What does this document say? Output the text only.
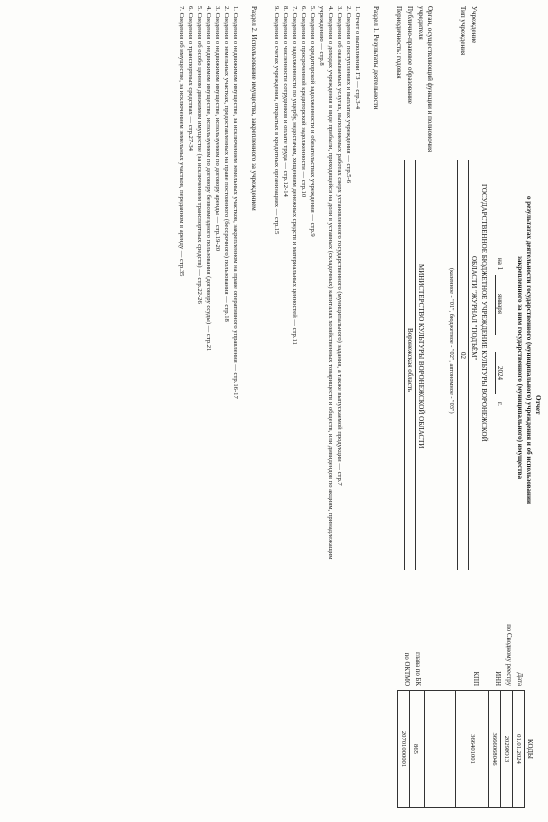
Отчет
о результатах деятельности государственного (муниципального) учреждения и об использовании
закрепленного за ним государственного (муниципального) имущества
на 1
января
2024
г.
КОДЫ
01.01.2024
2029Ю13
3666068046
366401001
865
20701000001
Дата
по Сводному реестру
ИНН
КПП
глава по БК
по ОКТМО
Учреждение
ГОСУДАРСТВЕННОЕ БЮДЖЕТНОЕ УЧРЕЖДЕНИЕ КУЛЬТУРЫ ВОРОНЕЖСКОЙ
ОБЛАСТИ "ЖУРНАЛ "ПОДЪЁМ"
Тип учреждения
02
(казенное - "01", бюджетное - "02", автономное - "03")
Орган, осуществляющий функции и полномочия
учредителя
МИНИСТЕРСТВО КУЛЬТУРЫ ВОРОНЕЖСКОЙ ОБЛАСТИ
Публично-правовое образование
Воронежская область
Периодичность: годовая
Раздел 1. Результаты деятельности
1. Отчет о выполнении ГЗ — стр.3-4
2. Сведения о поступлениях и выплатах учреждения — стр.5-6
3. Сведения об оказываемых услугах, выполняемых работах сверх установленного государственного (муниципального) задания, а также выпускаемой продукции — стр.7
4. Сведения о доходах учреждения в виде прибыли, приходящейся на доли в уставных (складочных) капиталах хозяйственных товариществ и обществ, или дивидендов по акциям, принадлежащим
учреждению — стр.8
5. Сведения о кредиторской задолженности и обязательствах учреждения — стр.9
6. Сведения о просроченной кредиторской задолженности — стр.10
7. Сведения о задолженности по ущербу, недостачам, хищениям денежных средств и материальных ценностей — стр.11
8. Сведения о численности сотрудников и оплате труда — стр.12-14
9. Сведения о счетах учреждения, открытых в кредитных организациях — стр.15
Раздел 2. Использование имущества, закрепленного за учреждением
1. Сведения о недвижимом имуществе, за исключением земельных участков, закрепленном на праве оперативного управления — стр.16-17
2. Сведения о земельных участках, предоставленных на праве постоянного (бессрочного) пользования — стр.18
3. Сведения о недвижимом имуществе, используемом по договору аренды — стр.19-20
4. Сведения о недвижимом имуществе, используемом по договору безвозмездного пользования (договору ссуды) — стр.21
5. Сведения об особо ценном движимом имуществе (за исключением транспортных средств) — стр.22-26
6. Сведения о транспортных средствах — стр.27-34
7. Сведения об имуществе, за исключением земельных участков, переданном в аренду — стр.35
